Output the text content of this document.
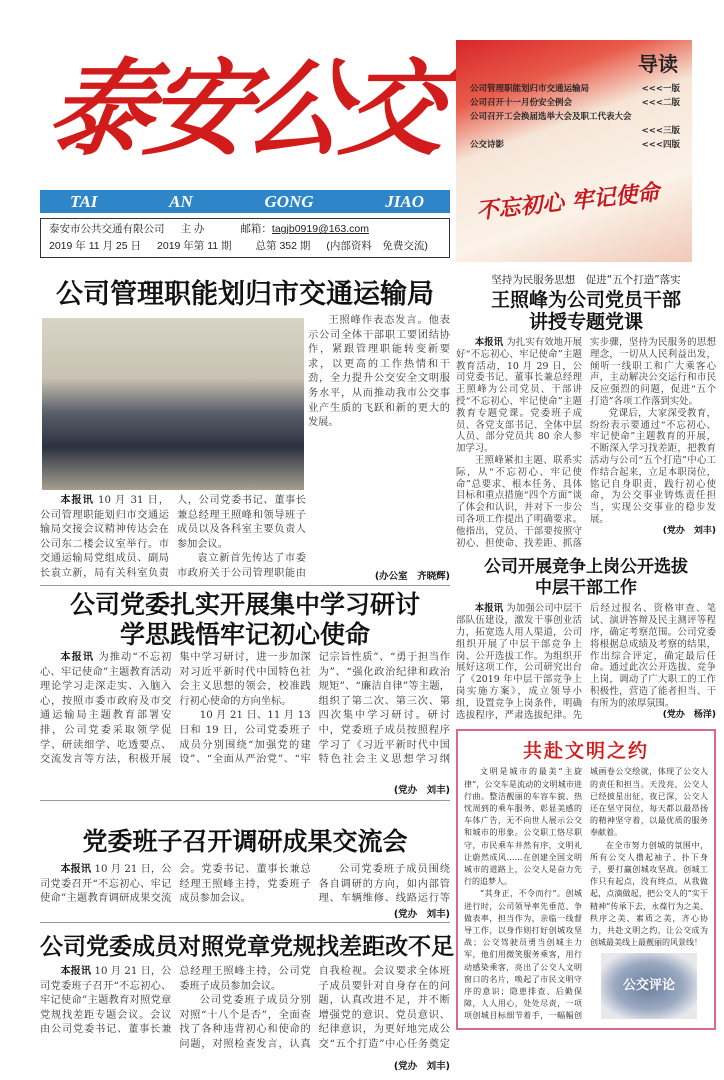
泰安公交
TAI	AN	GONG	JIAO
泰安市公共交通有限公司 主 办	邮箱：tagjb0919@163.com
2019 年 11 月 25 日 2019 年第 11 期 总第 352 期 (内部资料　免费交流)
导读
公司管理职能划归市交通运输局	<<<一版
公司召开十一月份安全例会	<<<二版
公司召开工会换届选举大会及职工代表大会
<<<三版
公交诗影	<<<四版
不忘初心 牢记使命
公司管理职能划归市交通运输局

王照峰作表态发言。他表示公司全体干部职工要团结协作，紧跟管理职能转变新要求，以更高的工作热情和干劲，全力提升公交安全文明服务水平，从而推动我市公交事业产生质的飞跃和新的更大的发展。

本报讯 10 月 31 日，公司管理职能划归市交通运输局交接会议精神传达会在公司东二楼会议室举行。市交通运输局党组成员、副局长袁立新，局有关科室负责人，公司党委书记、董事长兼总经理王照峰和领导班子成员以及各科室主要负责人参加会议。

袁立新首先传达了市委市政府关于公司管理职能由	(办公室　齐晓辉)
公司党委扎实开展集中学习研讨
学思践悟牢记初心使命

本报讯 为推动“不忘初心、牢记使命”主题教育活动理论学习走深走实、入脑入心，按照市委市政府及市交通运输局主题教育部署安排，公司党委采取领学促学、研读细学、吃透要点、交流发言等方法，积极开展集中学习研讨，进一步加深对习近平新时代中国特色社会主义思想的领会，校准践行初心使命的方向坐标。

10 月 21 日、11 月 13 日和 19 日，公司党委班子成员分别围绕“加强党的建设”、“全面从严治党”、“牢记宗旨性质”、“勇于担当作为”、“强化政治纪律和政治规矩”、“廉洁自律”等主题，组织了第二次、第三次、第四次集中学习研讨。研讨中，党委班子成员按照程序学习了《习近平新时代中国特色社会主义思想学习纲

(党办　刘丰)
党委班子召开调研成果交流会

本报讯 10 月 21 日，公司党委召开“不忘初心、牢记使命”主题教育调研成果交流会。党委书记、董事长兼总经理王照峰主持，党委班子成员参加会议。

公司党委班子成员围绕各自调研的方向，如内部管理、车辆维修、线路运行等

(党办　刘丰)
公司党委成员对照党章党规找差距改不足

本报讯 10 月 21 日，公司党委班子召开“不忘初心、牢记使命”主题教育对照党章党规找差距专题会议。会议由公司党委书记、董事长兼总经理王照峰主持，公司党委班子成员参加会议。

公司党委班子成员分别对照“十八个是否”，全面查找了各种违背初心和使命的问题，对照检查发言，认真自我检视。会议要求全体班子成员要针对自身存在的问题，认真改进不足，并不断增强党的意识、党员意识、纪律意识，为更好地完成公交“五个打造”中心任务奠定

(党办　刘丰)
坚持为民服务思想　促进“五个打造”落实
王照峰为公司党员干部
讲授专题党课

本报讯 为扎实有效地开展好“不忘初心、牢记使命”主题教育活动，10 月 29 日，公司党委书记、董事长兼总经理王照峰为公司党员、干部讲授“不忘初心、牢记使命”主题教育专题党课。党委班子成员、各党支部书记、全体中层人员、部分党员共 80 余人参加学习。

王照峰紧扣主题、联系实际，从“不忘初心、牢记使命”总要求、根本任务、具体目标和重点措施“四个方面”谈了体会和认识，并对下一步公司各项工作提出了明确要求。他指出，党员、干部要按照守初心、担使命、找差距、抓落实步骤，坚持为民服务的思想理念，一切从人民利益出发，倾听一线职工和广大乘客心声，主动解决公交运行和市民反应强烈的问题，促进“五个打造”各项工作落到实处。

党课后，大家深受教育，纷纷表示要通过“不忘初心、牢记使命”主题教育的开展，不断深入学习找差距，把教育活动与公司“五个打造”中心工作结合起来，立足本职岗位，铭记自身职责，践行初心使命，为公交事业铸炼责任担当，实现公交事业的稳步发展。

(党办　刘丰)
公司开展竞争上岗公开选拔
中层干部工作

本报讯 为加强公司中层干部队伍建设，激发干事创业活力，拓宽选人用人渠道，公司组织开展了中层干部竞争上岗、公开选拔工作。为组织开展好这项工作，公司研究出台了《2019 年中层干部竞争上岗实施方案》，成立领导小组，设置竞争上岗条件，明确选拔程序，严肃选拔纪律。先后经过报名、资格审查、笔试、演讲答辩及民主测评等程序，确定考察范围。公司党委将根据总成绩及考察的结果，作出综合评定，确定最后任命。通过此次公开选拔、竞争上岗，调动了广大职工的工作积极性，营造了能者担当、干有所为的浓厚氛围。

(党办　杨洋)
共赴文明之约

文明是城市的最美“主旋律”，公交车是流动的文明城市进行曲。整洁靓丽的车容车貌、热忱周到的乘车服务、彰显美感的车体广告，无不向世人展示公交和城市的形象。公交职工恪尽职守，市民乘车井然有序，文明礼让蔚然成风……在创建全国文明城市的道路上，公交人是奋力先行的追梦人。

“其身正，不令而行”。创城进行时，公司领导率先垂范、争做表率，担当作为，亲临一线督导工作，以身作则打好创城攻坚战；公交驾驶员勇当创城主力军，他们用微笑服务乘客，用行动感染乘客，亮出了公交人文明窗口的名片，唤起了市民文明守序的意识；隐患排查、后勤保障，人人用心，处处尽责，一项项创城目标细节着手，一幅幅创城画卷公交绘就，体现了公交人的责任和担当。天没亮，公交人已经披星出征，夜已深，公交人还在坚守岗位，每天都以最昂扬的精神坚守着，以最优质的服务奉献着。

在全市努力创城的氛围中，所有公交人撸起袖子、扑下身子，要打赢创城攻坚战。创城工作只有起点，没有终点，从我做起，点滴做起，把公交人的“实干精神”传承下去，永葆行为之美、秩序之美、素质之美，齐心协力，共赴文明之约，让公交成为创城最美线上最靓丽的风景线！

公交评论
